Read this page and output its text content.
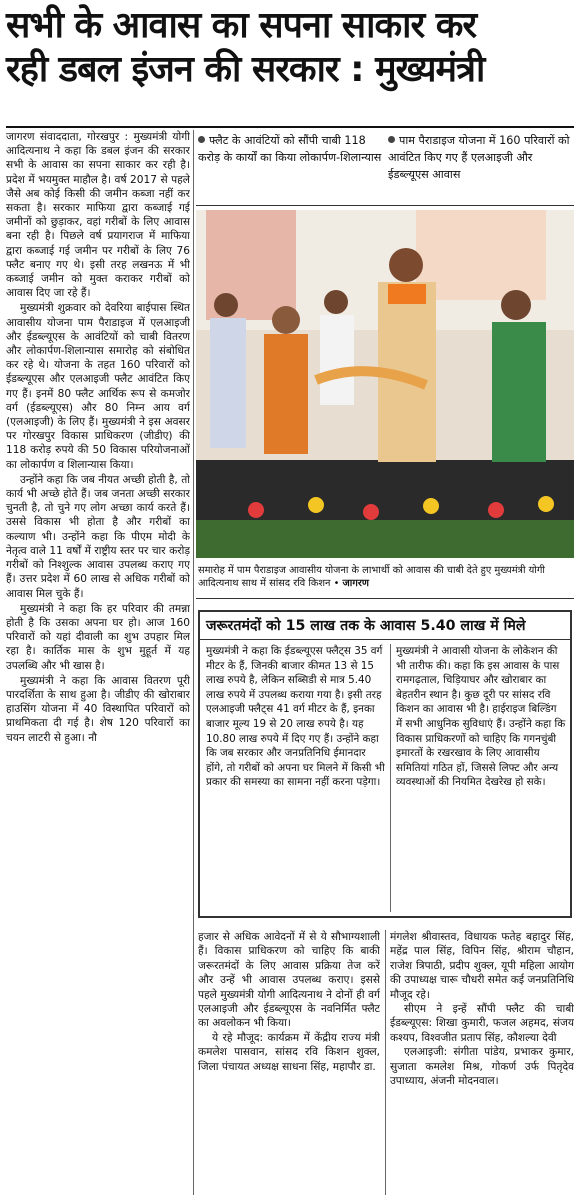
सभी के आवास का सपना साकार कर
रही डबल इंजन की सरकार : मुख्यमंत्री

जागरण संवाददाता, गोरखपुर : मुख्यमंत्री योगी आदित्यनाथ ने कहा कि डबल इंजन की सरकार सभी के आवास का सपना साकार कर रही है। प्रदेश में भयमुक्त माहौल है। वर्ष 2017 से पहले जैसे अब कोई किसी की जमीन कब्जा नहीं कर सकता है। सरकार माफिया द्वारा कब्जाई गई जमीनों को छुड़ाकर, वहां गरीबों के लिए आवास बना रही है। पिछले वर्ष प्रयागराज में माफिया द्वारा कब्जाई गई जमीन पर गरीबों के लिए 76 फ्लैट बनाए गए थे। इसी तरह लखनऊ में भी कब्जाई जमीन को मुक्त कराकर गरीबों को आवास दिए जा रहे हैं।

मुख्यमंत्री शुक्रवार को देवरिया बाईपास स्थित आवासीय योजना पाम पैराडाइज में एलआइजी और ईडब्ल्यूएस के आवंटियों को चाबी वितरण और लोकार्पण-शिलान्यास समारोह को संबोधित कर रहे थे। योजना के तहत 160 परिवारों को ईडब्ल्यूएस और एलआइजी फ्लैट आवंटित किए गए हैं। इनमें 80 फ्लैट आर्थिक रूप से कमजोर वर्ग (ईडब्ल्यूएस) और 80 निम्न आय वर्ग (एलआइजी) के लिए हैं। मुख्यमंत्री ने इस अवसर पर गोरखपुर विकास प्राधिकरण (जीडीए) की 118 करोड़ रुपये की 50 विकास परियोजनाओं का लोकार्पण व शिलान्यास किया।

उन्होंने कहा कि जब नीयत अच्छी होती है, तो कार्य भी अच्छे होते हैं। जब जनता अच्छी सरकार चुनती है, तो चुने गए लोग अच्छा कार्य करते हैं। उससे विकास भी होता है और गरीबों का कल्याण भी। उन्होंने कहा कि पीएम मोदी के नेतृत्व वाले 11 वर्षों में राष्ट्रीय स्तर पर चार करोड़ गरीबों को निश्शुल्क आवास उपलब्ध कराए गए हैं। उत्तर प्रदेश में 60 लाख से अधिक गरीबों को आवास मिल चुके हैं।

मुख्यमंत्री ने कहा कि हर परिवार की तमन्ना होती है कि उसका अपना घर हो। आज 160 परिवारों को यहां दीवाली का शुभ उपहार मिल रहा है। कार्तिक मास के शुभ मुहूर्त में यह उपलब्धि और भी खास है।

मुख्यमंत्री ने कहा कि आवास वितरण पूरी पारदर्शिता के साथ हुआ है। जीडीए की खोराबार हाउसिंग योजना में 40 विस्थापित परिवारों को प्राथमिकता दी गई है। शेष 120 परिवारों का चयन लाटरी से हुआ। नौ

फ्लैट के आवंटियों को सौंपी चाबी 118 करोड़ के कार्यों का किया लोकार्पण-शिलान्यास
पाम पैराडाइज योजना में 160 परिवारों को आवंटित किए गए हैं एलआइजी और ईडब्ल्यूएस आवास
समारोह में पाम पैराडाइज आवासीय योजना के लाभार्थी को आवास की चाबी देते हुए मुख्यमंत्री योगी आदित्यनाथ साथ में सांसद रवि किशन • जागरण
जरूरतमंदों को 15 लाख तक के आवास 5.40 लाख में मिले
मुख्यमंत्री ने कहा कि ईडब्ल्यूएस फ्लैट्स 35 वर्ग मीटर के हैं, जिनकी बाजार कीमत 13 से 15 लाख रुपये है, लेकिन सब्सिडी से मात्र 5.40 लाख रुपये में उपलब्ध कराया गया है। इसी तरह एलआइजी फ्लैट्स 41 वर्ग मीटर के हैं, इनका बाजार मूल्य 19 से 20 लाख रुपये है। यह 10.80 लाख रुपये में दिए गए हैं। उन्होंने कहा कि जब सरकार और जनप्रतिनिधि ईमानदार होंगे, तो गरीबों को अपना घर मिलने में किसी भी प्रकार की समस्या का सामना नहीं करना पड़ेगा।
मुख्यमंत्री ने आवासी योजना के लोकेशन की भी तारीफ की। कहा कि इस आवास के पास रामगढ़ताल, चिड़ियाघर और खोराबार का बेहतरीन स्थान है। कुछ दूरी पर सांसद रवि किशन का आवास भी है। हाईराइज बिल्डिंग में सभी आधुनिक सुविधाएं हैं। उन्होंने कहा कि विकास प्राधिकरणों को चाहिए कि गगनचुंबी इमारतों के रखरखाव के लिए आवासीय समितियां गठित हों, जिससे लिफ्ट और अन्य व्यवस्थाओं की नियमित देखरेख हो सके।

हजार से अधिक आवेदनों में से ये सौभाग्यशाली हैं। विकास प्राधिकरण को चाहिए कि बाकी जरूरतमंदों के लिए आवास प्रक्रिया तेज करें और उन्हें भी आवास उपलब्ध कराए। इससे पहले मुख्यमंत्री योगी आदित्यनाथ ने दोनों ही वर्ग एलआइजी और ईडब्ल्यूएस के नवनिर्मित फ्लैट का अवलोकन भी किया।

ये रहे मौजूद: कार्यक्रम में केंद्रीय राज्य मंत्री कमलेश पासवान, सांसद रवि किशन शुक्ल, जिला पंचायत अध्यक्ष साधना सिंह, महापौर डा.

मंगलेश श्रीवास्तव, विधायक फतेह बहादुर सिंह, महेंद्र पाल सिंह, विपिन सिंह, श्रीराम चौहान, राजेश त्रिपाठी, प्रदीप शुक्ल, यूपी महिला आयोग की उपाध्यक्ष चारू चौधरी समेत कई जनप्रतिनिधि मौजूद रहे।

सीएम ने इन्हें सौंपी फ्लैट की चाबी ईडब्ल्यूएस: शिखा कुमारी, फजल अहमद, संजय कश्यप, विश्वजीत प्रताप सिंह, कौशल्या देवी

एलआइजी: संगीता पांडेय, प्रभाकर कुमार, सुजाता कमलेश मिश्र, गोकर्ण उर्फ पितृदेव उपाध्याय, अंजनी मोदनवाल।
